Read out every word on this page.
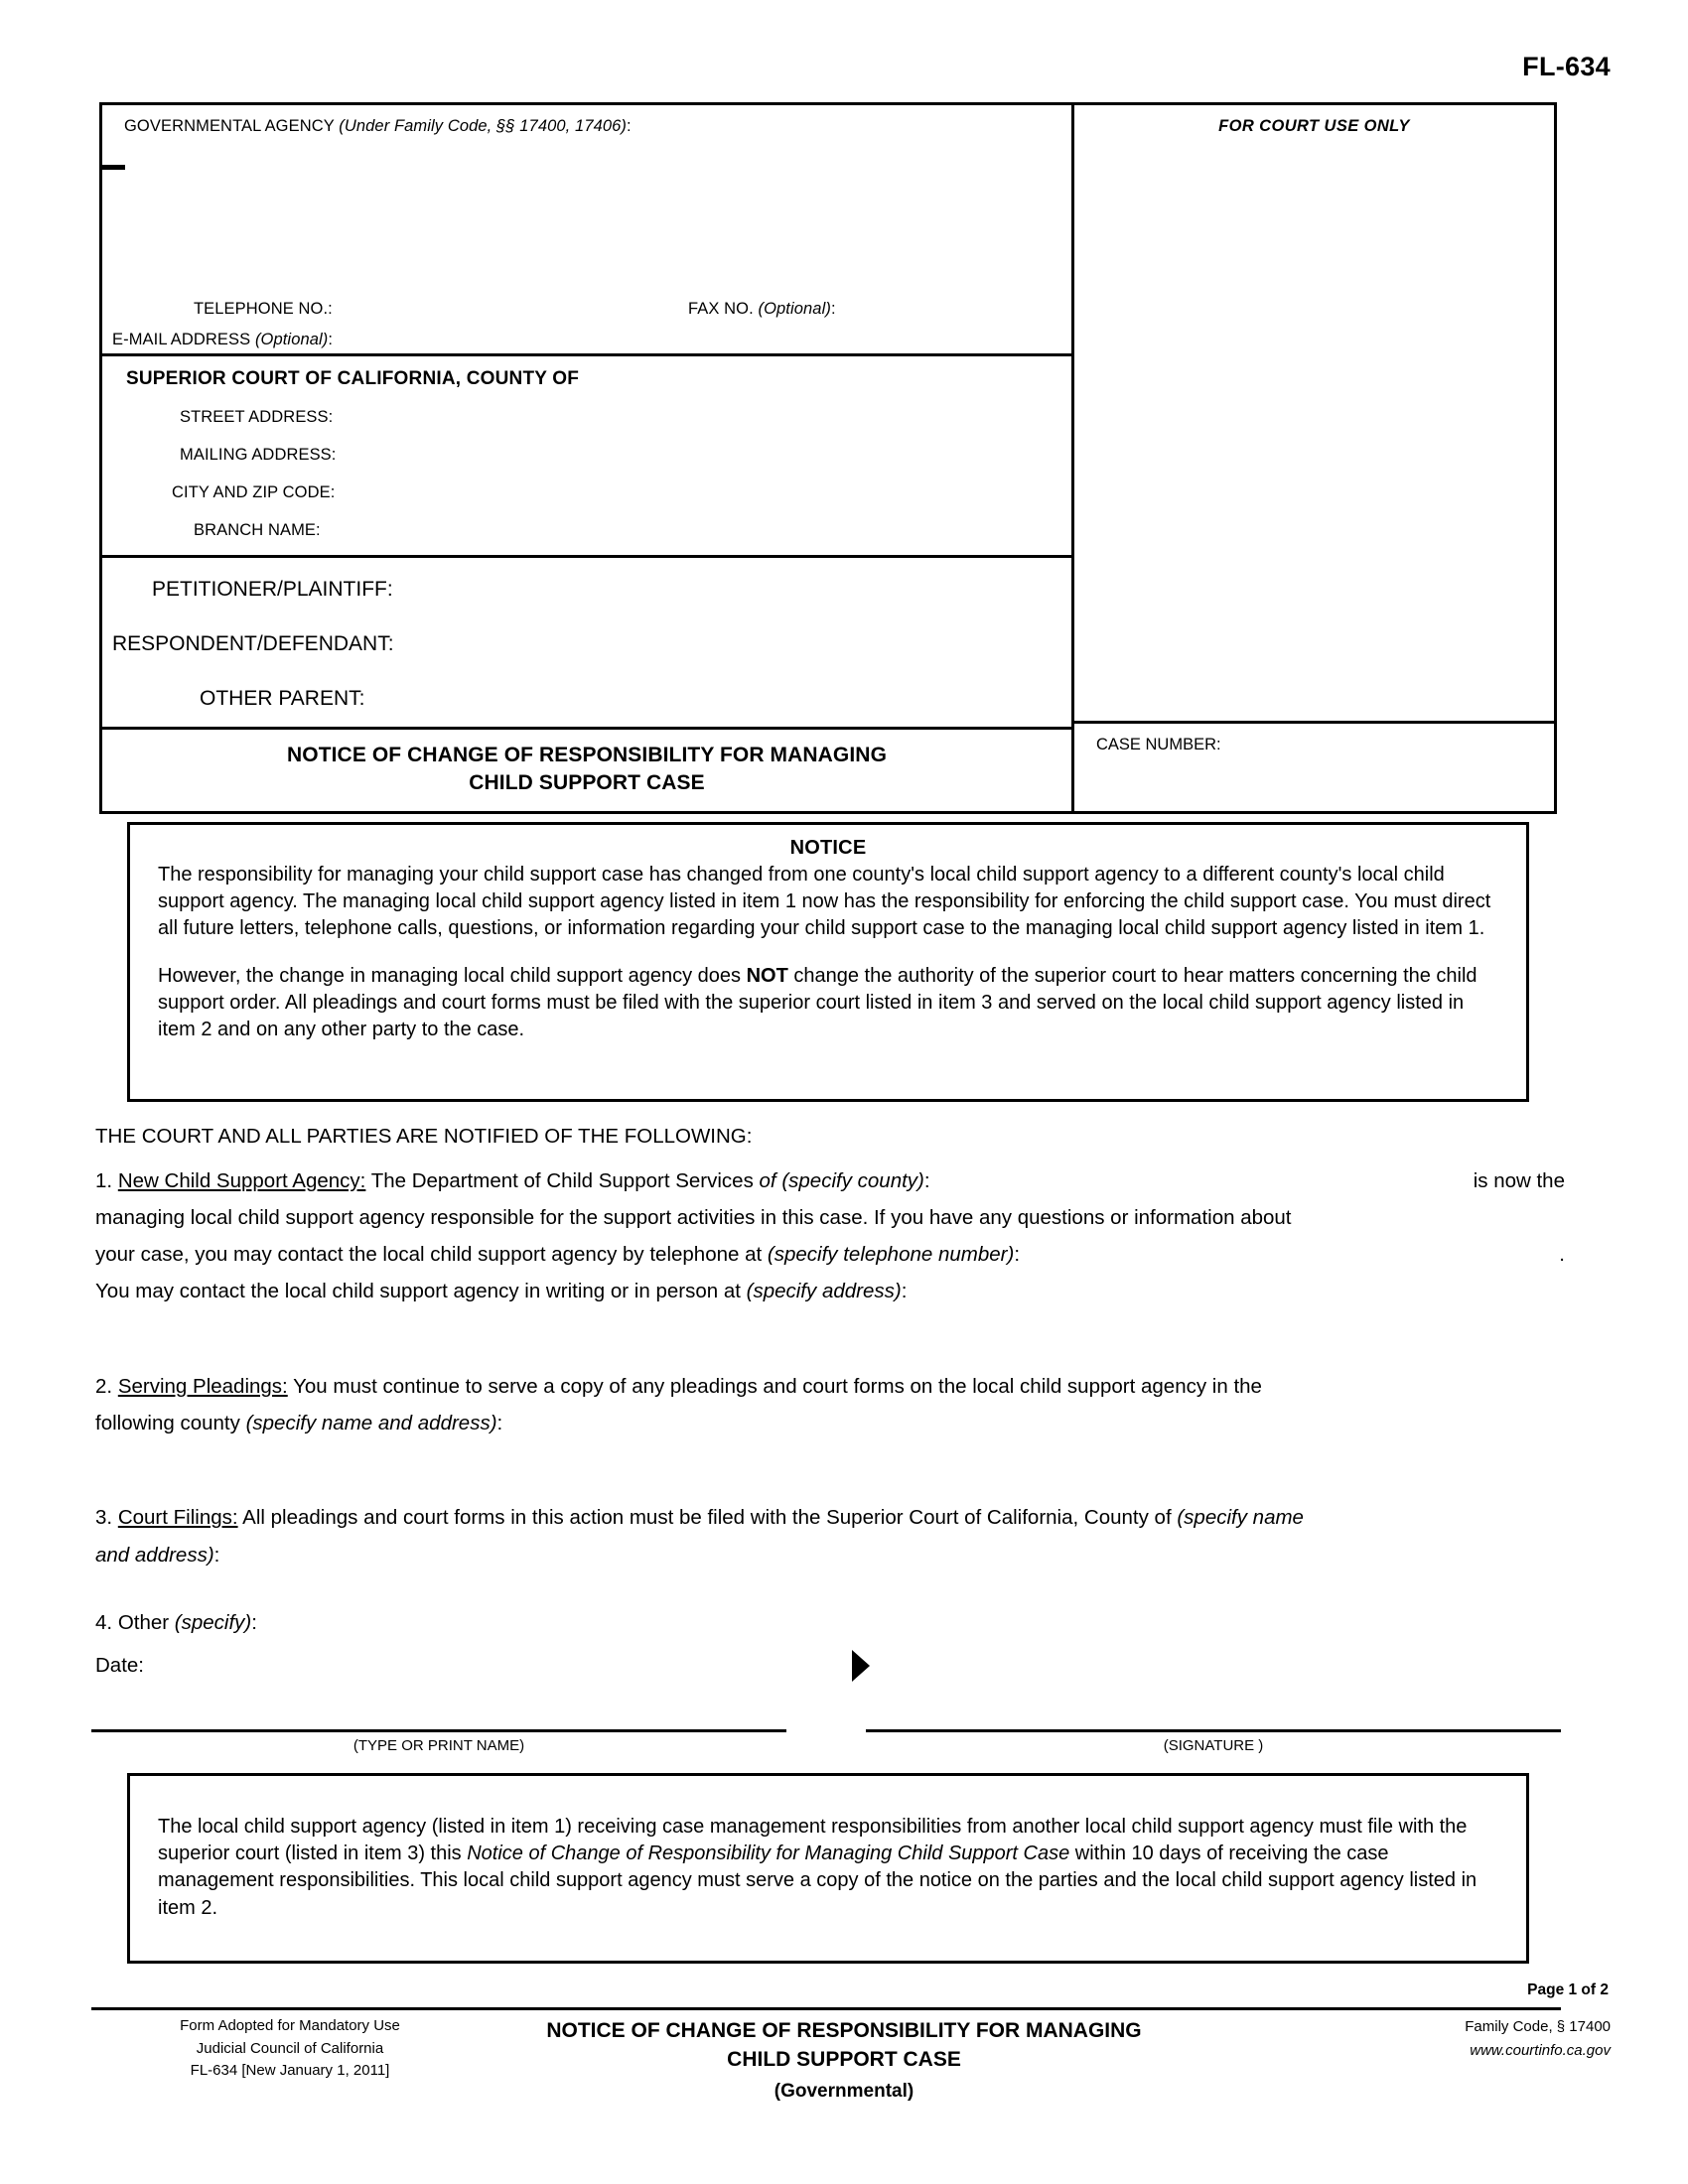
FL-634
GOVERNMENTAL AGENCY (Under Family Code, §§ 17400, 17406):
TELEPHONE NO.:	FAX NO. (Optional):
E-MAIL ADDRESS (Optional):
SUPERIOR COURT OF CALIFORNIA, COUNTY OF
STREET ADDRESS:
MAILING ADDRESS:
CITY AND ZIP CODE:
BRANCH NAME:
PETITIONER/PLAINTIFF:
RESPONDENT/DEFENDANT:
OTHER PARENT:
NOTICE OF CHANGE OF RESPONSIBILITY FOR MANAGING
CHILD SUPPORT CASE
FOR COURT USE ONLY
CASE NUMBER:
NOTICE
The responsibility for managing your child support case has changed from one county's local child support agency to a different county's local child support agency. The managing local child support agency listed in item 1 now has the responsibility for enforcing the child support case. You must direct all future letters, telephone calls, questions, or information regarding your child support case to the managing local child support agency listed in item 1.
However, the change in managing local child support agency does NOT change the authority of the superior court to hear matters concerning the child support order. All pleadings and court forms must be filed with the superior court listed in item 3 and served on the local child support agency listed in item 2 and on any other party to the case.
THE COURT AND ALL PARTIES ARE NOTIFIED OF THE FOLLOWING:
1. New Child Support Agency: The Department of Child Support Services of (specify county):	is now the
managing local child support agency responsible for the support activities in this case. If you have any questions or information about
your case, you may contact the local child support agency by telephone at (specify telephone number):	.
You may contact the local child support agency in writing or in person at (specify address):
2. Serving Pleadings: You must continue to serve a copy of any pleadings and court forms on the local child support agency in the
following county (specify name and address):
3. Court Filings: All pleadings and court forms in this action must be filed with the Superior Court of California, County of (specify name
and address):
4. Other (specify):
Date:
(TYPE OR PRINT NAME)	(SIGNATURE )
The local child support agency (listed in item 1) receiving case management responsibilities from another local child support agency must file with the superior court (listed in item 3) this Notice of Change of Responsibility for Managing Child Support Case within 10 days of receiving the case management responsibilities. This local child support agency must serve a copy of the notice on the parties and the local child support agency listed in item 2.
Page 1 of 2
Form Adopted for Mandatory Use
Judicial Council of California
FL-634 [New January 1, 2011]
NOTICE OF CHANGE OF RESPONSIBILITY FOR MANAGING
CHILD SUPPORT CASE
(Governmental)
Family Code, § 17400
www.courtinfo.ca.gov
